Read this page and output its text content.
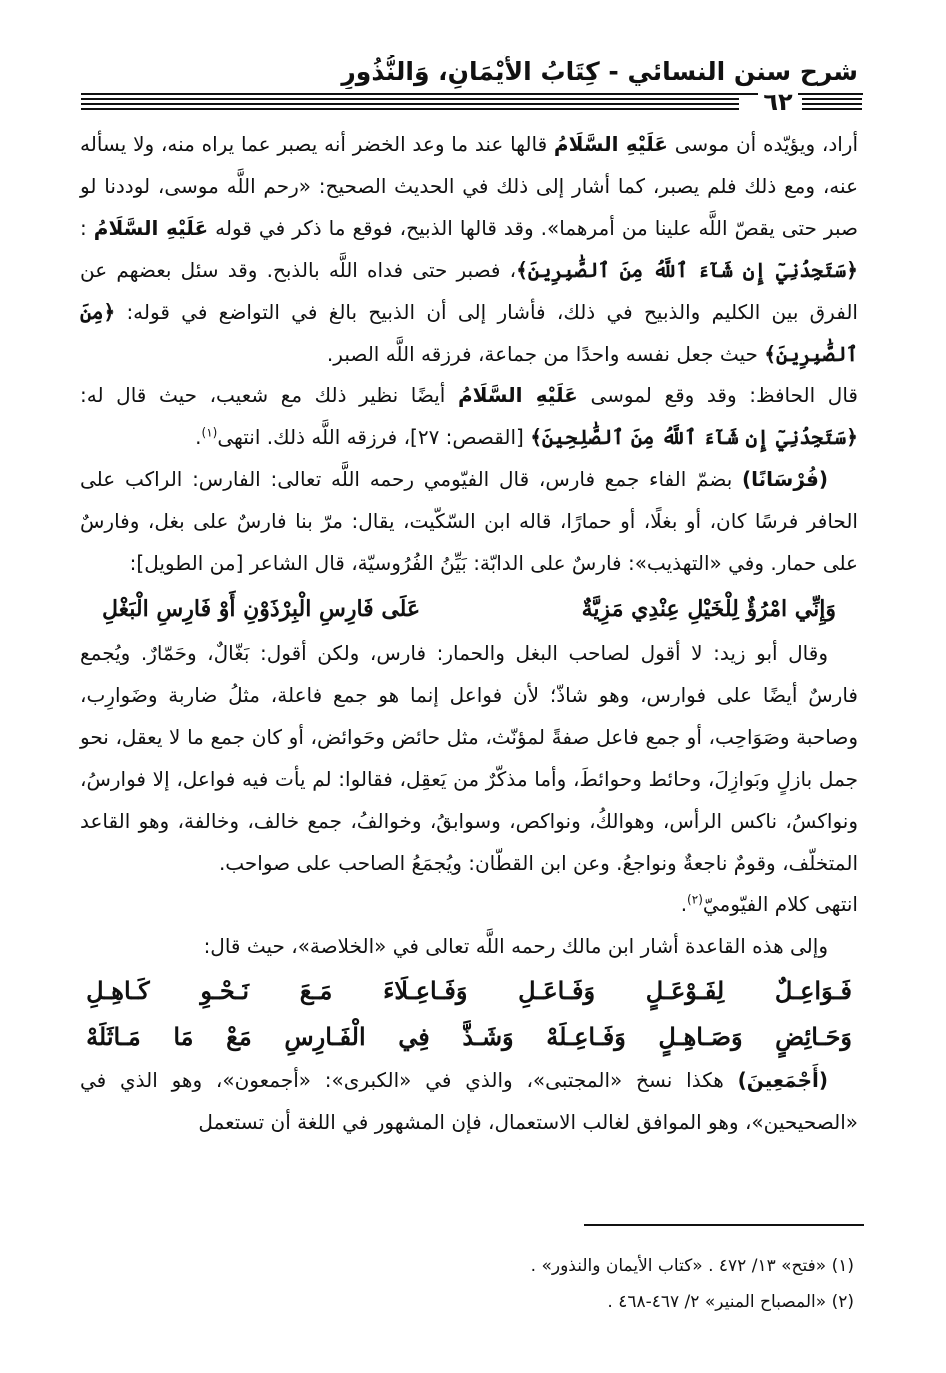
شرح سنن النسائي - كِتَابُ الأَيْمَانِ، وَالنُّذُورِ
٦٢

أراد، ويؤيّده أن موسى عَلَيْهِ السَّلَامُ قالها عند ما وعد الخضر أنه يصبر عما يراه منه، ولا يسأله عنه، ومع ذلك فلم يصبر، كما أشار إلى ذلك في الحديث الصحيح: «رحم اللَّه موسى، لوددنا لو صبر حتى يقصّ اللَّه علينا من أمرهما». وقد قالها الذبيح، فوقع ما ذكر في قوله عَلَيْهِ السَّلَامُ : ﴿سَتَجِدُنِيٓ إِن شَآءَ ٱللَّهُ مِنَ ٱلصَّٰبِرِينَ﴾، فصبر حتى فداه اللَّه بالذبح. وقد سئل بعضهم عن الفرق بين الكليم والذبيح في ذلك، فأشار إلى أن الذبيح بالغ في التواضع في قوله: ﴿مِنَ ٱلصَّٰبِرِينَ﴾ حيث جعل نفسه واحدًا من جماعة، فرزقه اللَّه الصبر.

قال الحافظ: وقد وقع لموسى عَلَيْهِ السَّلَامُ أيضًا نظير ذلك مع شعيب، حيث قال له: ﴿سَتَجِدُنِيٓ إِن شَآءَ ٱللَّهُ مِنَ ٱلصَّٰلِحِينَ﴾ [القصص: ٢٧]، فرزقه اللَّه ذلك. انتهى$^{(١)}$.

(فُرْسَانًا) بضمّ الفاء جمع فارس، قال الفيّومي رحمه اللَّه تعالى: الفارس: الراكب على الحافر فرسًا كان، أو بغلًا، أو حمارًا، قاله ابن السّكّيت، يقال: مرّ بنا فارسٌ على بغل، وفارسٌ على حمار. وفي «التهذيب»: فارسٌ على الدابّة: بَيِّنُ الفُرُوسيّة، قال الشاعر [من الطويل]:

وَإِنِّي امْرُؤٌ لِلْخَيْلِ عِنْدِي مَزِيَّةٌ
عَلَى فَارِسِ الْبِرْذَوْنِ أَوْ فَارِسِ الْبَغْلِ

وقال أبو زيد: لا أقول لصاحب البغل والحمار: فارس، ولكن أقول: بَغّالٌ، وحَمّارٌ. ويُجمع فارسٌ أيضًا على فوارس، وهو شاذّ؛ لأن فواعل إنما هو جمع فاعلة، مثلُ ضاربة وضَوارِب، وصاحبة وصَوَاحِب، أو جمع فاعل صفةً لمؤنّث، مثل حائض وحَوائض، أو كان جمع ما لا يعقل، نحو جمل بازلٍ وبَوازِلَ، وحائط وحوائطَ، وأما مذكّرٌ من يَعقِل، فقالوا: لم يأت فيه فواعل، إلا فوارسُ، ونواكسُ، ناكس الرأس، وهوالكُ، ونواكص، وسوابقُ، وخوالفُ، جمع خالف، وخالفة، وهو القاعد المتخلّف، وقومٌ ناجعةٌ ونواجعُ. وعن ابن القطّان: ويُجمَعُ الصاحب على صواحب.

انتهى كلام الفيّوميّ$^{(٢)}$.

وإلى هذه القاعدة أشار ابن مالك رحمه اللَّه تعالى في «الخلاصة»، حيث قال:

فَـوَاعِـلٌ
لِفَـوْعَـلٍ
وَفَـاعَـلِ
وَفَـاعِـلَاءَ
مَـعَ
نَـحْـوِ
كَـاهِـلِ
وَحَـائِضٍ
وَصَـاهِـلٍ
وَفَـاعِـلَهْ
وَشَـذَّ
فِي
الْفَـارِسِ
مَعْ
مَا
مَـاثَلَهْ

(أَجْمَعِينَ) هكذا نسخ «المجتبى»، والذي في «الكبرى»: «أجمعون»، وهو الذي في «الصحيحين»، وهو الموافق لغالب الاستعمال، فإن المشهور في اللغة أن تستعمل

(١) «فتح» ١٣/ ٤٧٢ . «كتاب الأيمان والنذور» .

(٢) «المصباح المنير» ٢/ ٤٦٧-٤٦٨ .
